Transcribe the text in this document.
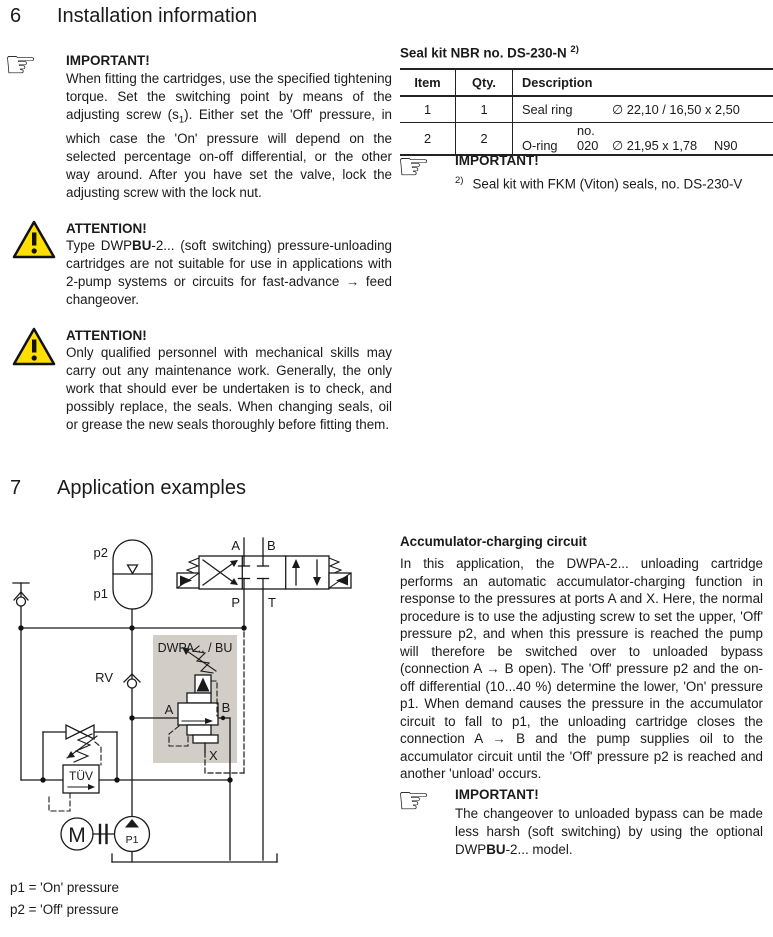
6 Installation information
☞ IMPORTANT!
When fitting the cartridges, use the specified tightening torque. Set the switching point by means of the adjusting screw $(s_1)$. Either set the 'Off' pressure, in which case the 'On' pressure will depend on the selected percentage on-off differential, or the other way around. After you have set the valve, lock the adjusting screw with the lock nut.
ATTENTION!
Type DWPBU-2... (soft switching) pressure-unloading cartridges are not suitable for use in applications with 2-pump systems or circuits for fast-advance → feed changeover.
ATTENTION!
Only qualified personnel with mechanical skills may carry out any maintenance work. Generally, the only work that should ever be undertaken is to check, and possibly replace, the seals. When changing seals, oil or grease the new seals thoroughly before fitting them.
Seal kit NBR no. DS-230-N $^{2)}$
Item	Qty.	Description
1	1	Seal ring ∅ 22,10 / 16,50 x 2,50
2	2	O-ringno. 020 ∅ 21,95 x 1,78 N90
☞ IMPORTANT!
$^{2)}$ Seal kit with FKM (Viton) seals, no. DS-230-V
7 Application examples
Accumulator-charging circuit
In this application, the DWPA-2... unloading cartridge performs an automatic accumulator-charging function in response to the pressures at ports A and X. Here, the normal procedure is to use the adjusting screw to set the upper, 'Off' pressure p2, and when this pressure is reached the pump will therefore be switched over to unloaded bypass (connection A → B open). The 'Off' pressure p2 and the on-off differential (10...40 %) determine the lower, 'On' pressure p1. When demand causes the pressure in the accumulator circuit to fall to p1, the unloading cartridge closes the connection A → B and the pump supplies oil to the accumulator circuit until the 'Off' pressure p2 is reached and another 'unload' occurs.
☞ IMPORTANT!
The changeover to unloaded bypass can be made less harsh (soft switching) by using the optional DWPBU-2... model.
p2
p1
A B
P T
RV
TÜV
DWPA... / BU
A	B
X
M	P1
p1 = 'On' pressure
p2 = 'Off' pressure
